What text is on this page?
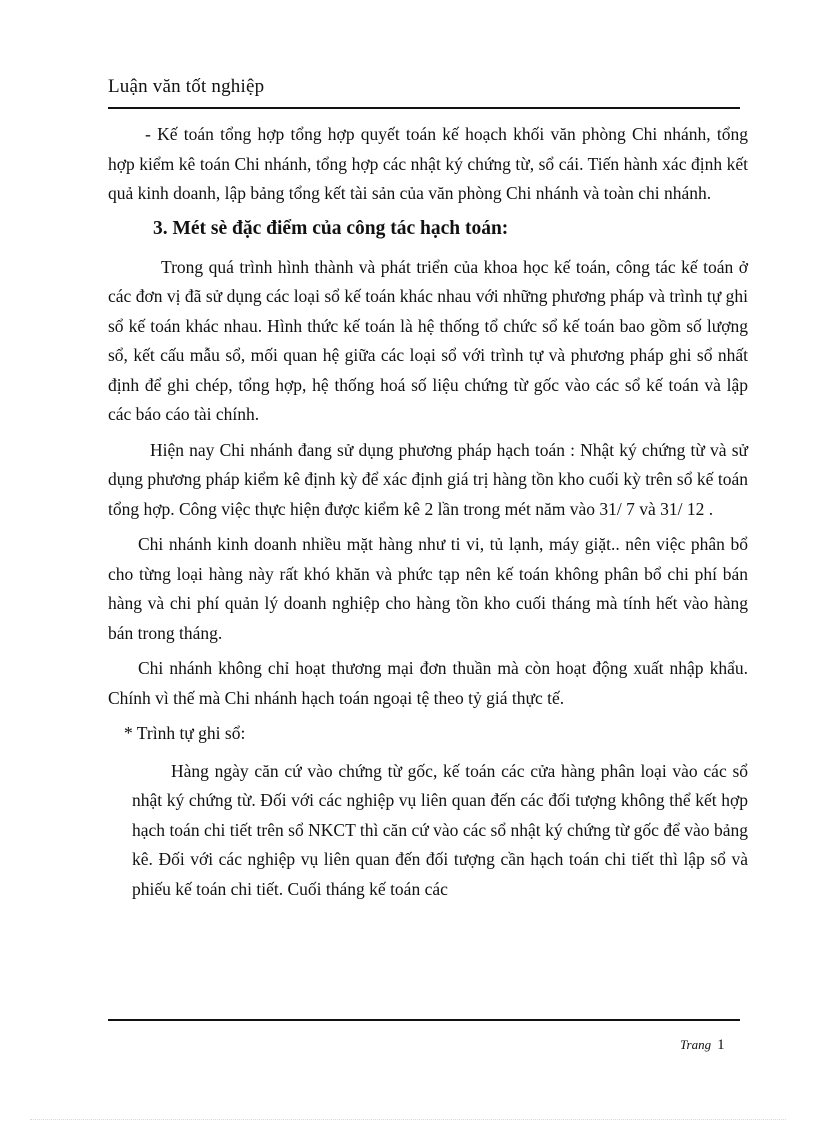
Luận văn tốt nghiệp

- Kế toán tổng hợp tổng hợp quyết toán kế hoạch khối văn phòng Chi nhánh, tổng hợp kiểm kê toán Chi nhánh, tổng hợp các nhật ký chứng từ, sổ cái. Tiến hành xác định kết quả kinh doanh, lập bảng tổng kết tài sản của văn phòng Chi nhánh và toàn chi nhánh.

3. Mét sè đặc điểm của công tác hạch toán:

Trong quá trình hình thành và phát triển của khoa học kế toán, công tác kế toán ở các đơn vị đã sử dụng các loại sổ kế toán khác nhau với những phương pháp và trình tự ghi sổ kế toán khác nhau. Hình thức kế toán là hệ thống tổ chức sổ kế toán bao gồm số lượng sổ, kết cấu mẫu sổ, mối quan hệ giữa các loại sổ với trình tự và phương pháp ghi sổ nhất định để ghi chép, tổng hợp, hệ thống hoá số liệu chứng từ gốc vào các sổ kế toán và lập các báo cáo tài chính.

Hiện nay Chi nhánh đang sử dụng phương pháp hạch toán : Nhật ký chứng từ và sử dụng phương pháp kiểm kê định kỳ để xác định giá trị hàng tồn kho cuối kỳ trên sổ kế toán tổng hợp. Công việc thực hiện được kiểm kê 2 lần trong mét năm vào 31/ 7 và 31/ 12 .

Chi nhánh kinh doanh nhiều mặt hàng như ti vi, tủ lạnh, máy giặt.. nên việc phân bổ cho từng loại hàng này rất khó khăn và phức tạp nên kế toán không phân bổ chi phí bán hàng và chi phí quản lý doanh nghiệp cho hàng tồn kho cuối tháng mà tính hết vào hàng bán trong tháng.

Chi nhánh không chỉ hoạt thương mại đơn thuần mà còn hoạt động xuất nhập khẩu. Chính vì thế mà Chi nhánh hạch toán ngoại tệ theo tỷ giá thực tế.

* Trình tự ghi sổ:

Hàng ngày căn cứ vào chứng từ gốc, kế toán các cửa hàng phân loại vào các sổ nhật ký chứng từ. Đối với các nghiệp vụ liên quan đến các đối tượng không thể kết hợp hạch toán chi tiết trên sổ NKCT thì căn cứ vào các sổ nhật ký chứng từ gốc để vào bảng kê. Đối với các nghiệp vụ liên quan đến đối tượng cần hạch toán chi tiết thì lập sổ và phiếu kế toán chi tiết. Cuối tháng kế toán các

Trang 1
